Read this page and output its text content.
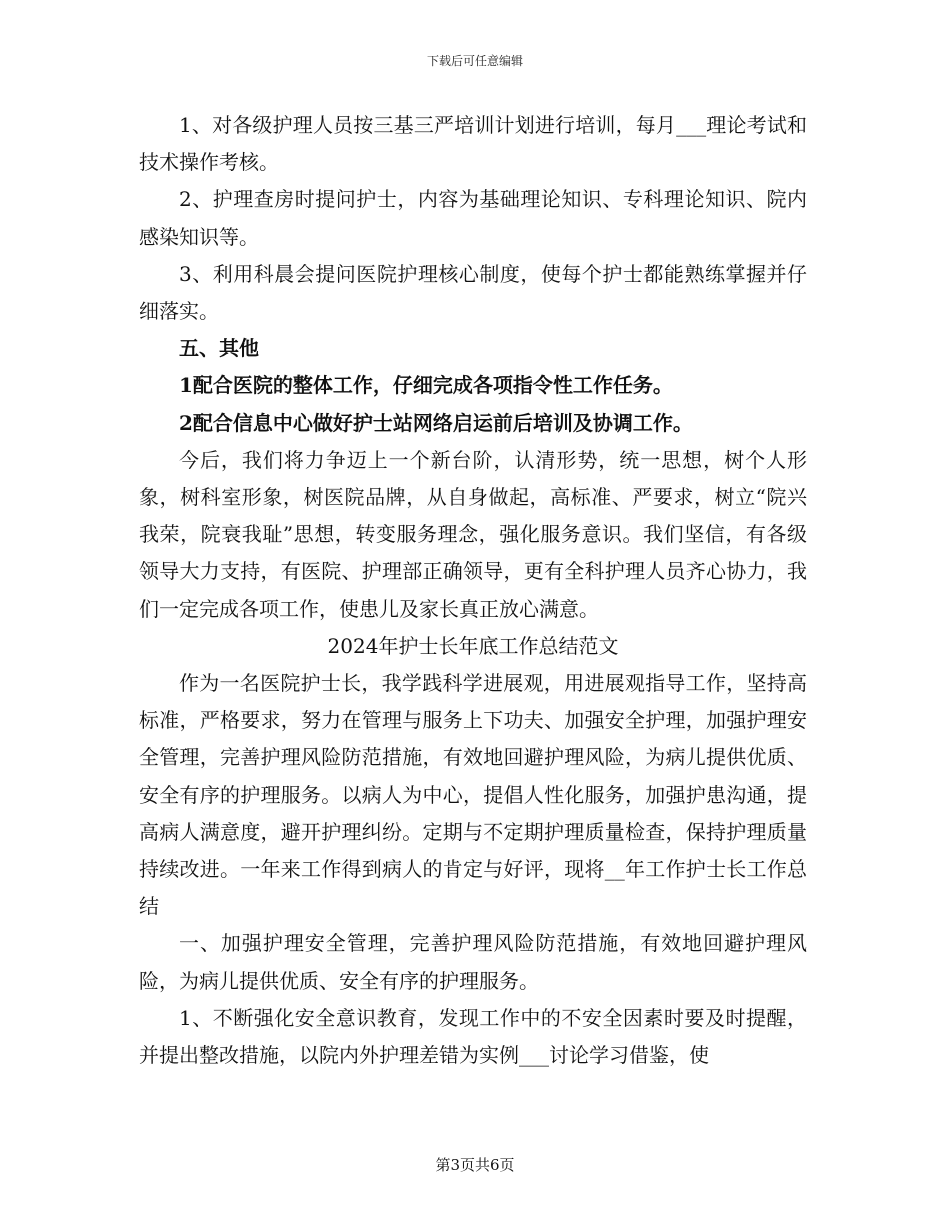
下载后可任意编辑

1、对各级护理人员按三基三严培训计划进行培训，每月___理论考试和技术操作考核。

2、护理查房时提问护士，内容为基础理论知识、专科理论知识、院内感染知识等。

3、利用科晨会提问医院护理核心制度，使每个护士都能熟练掌握并仔细落实。

五、其他

1配合医院的整体工作，仔细完成各项指令性工作任务。

2配合信息中心做好护士站网络启运前后培训及协调工作。

今后，我们将力争迈上一个新台阶，认清形势，统一思想，树个人形象，树科室形象，树医院品牌，从自身做起，高标准、严要求，树立“院兴我荣，院衰我耻”思想，转变服务理念，强化服务意识。我们坚信，有各级领导大力支持，有医院、护理部正确领导，更有全科护理人员齐心协力，我们一定完成各项工作，使患儿及家长真正放心满意。

2024年护士长年底工作总结范文

作为一名医院护士长，我学践科学进展观，用进展观指导工作，坚持高标准，严格要求，努力在管理与服务上下功夫、加强安全护理，加强护理安全管理，完善护理风险防范措施，有效地回避护理风险，为病儿提供优质、安全有序的护理服务。以病人为中心，提倡人性化服务，加强护患沟通，提高病人满意度，避开护理纠纷。定期与不定期护理质量检查，保持护理质量持续改进。一年来工作得到病人的肯定与好评，现将__年工作护士长工作总结

一、加强护理安全管理，完善护理风险防范措施，有效地回避护理风险，为病儿提供优质、安全有序的护理服务。

1、不断强化安全意识教育，发现工作中的不安全因素时要及时提醒，并提出整改措施，以院内外护理差错为实例___讨论学习借鉴，使

第3页共6页
